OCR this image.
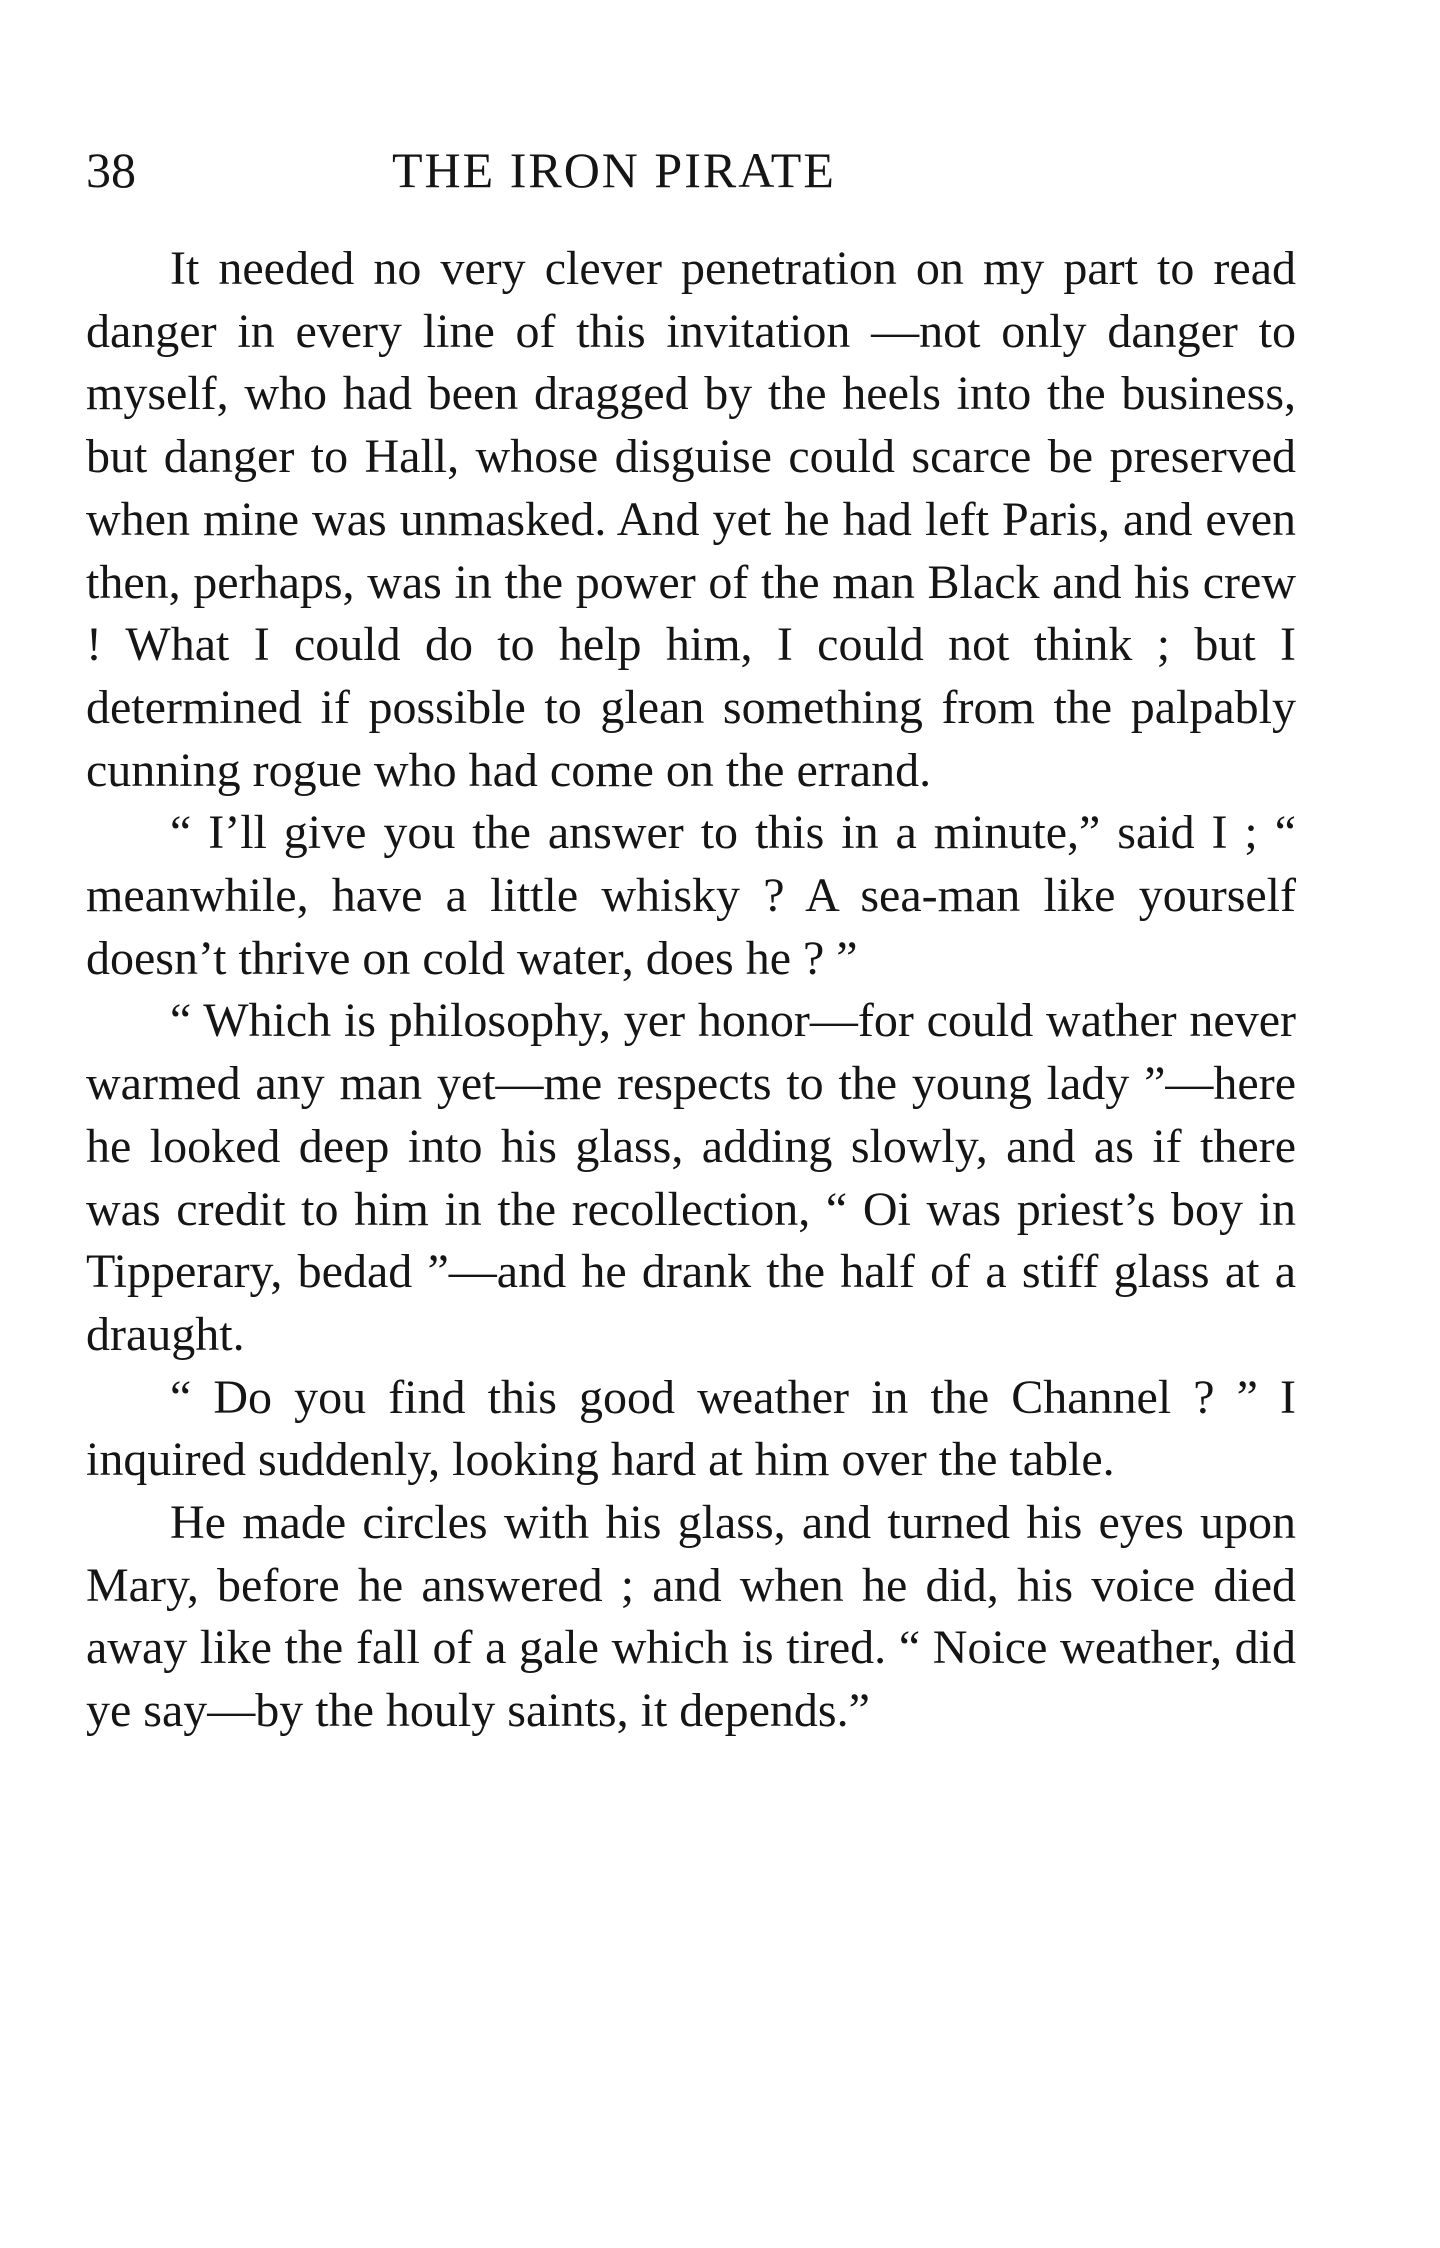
38	THE IRON PIRATE

It needed no very clever penetration on my part to read danger in every line of this invitation —not only danger to myself, who had been dragged by the heels into the business, but danger to Hall, whose disguise could scarce be preserved when mine was unmasked. And yet he had left Paris, and even then, perhaps, was in the power of the man Black and his crew ! What I could do to help him, I could not think ; but I determined if possible to glean something from the palpably cunning rogue who had come on the errand.

“ I’ll give you the answer to this in a minute,” said I ; “ meanwhile, have a little whisky ? A sea-man like yourself doesn’t thrive on cold water, does he ? ”

“ Which is philosophy, yer honor—for could wather never warmed any man yet—me respects to the young lady ”—here he looked deep into his glass, adding slowly, and as if there was credit to him in the recollection, “ Oi was priest’s boy in Tipperary, bedad ”—and he drank the half of a stiff glass at a draught.

“ Do you find this good weather in the Channel ? ” I inquired suddenly, looking hard at him over the table.

He made circles with his glass, and turned his eyes upon Mary, before he answered ; and when he did, his voice died away like the fall of a gale which is tired. “ Noice weather, did ye say—by the houly saints, it depends.”
